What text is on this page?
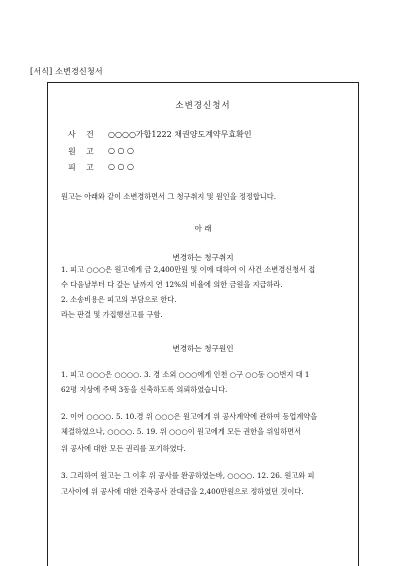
[서식] 소변경신청서
소변경신청서
사	건	○○○○가합1222 채권양도계약무효확인
원	고	○ ○ ○
피	고	○ ○ ○
원고는 아래와 같이 소변경하면서 그 청구취지 및 원인을 정정합니다.
아 래
변경하는 청구취지
1. 피고 ○○○은 원고에게 금 2,400만원 및 이에 대하여 이 사건 소변경신청서 접
수 다음날부터 다 갚는 날까지 연 12%의 비율에 의한 금원을 지급하라.
2. 소송비용은 피고의 부담으로 한다.
라는 판결 및 가집행선고를 구함.
변경하는 청구원인
1. 피고 ○○○은 ○○○○. 3. 경 소외 ○○○에게 인천 ○구 ○○동 ○○번지 대 1
62평 지상에 주택 3동을 신축하도록 의뢰하였습니다.
2. 이어 ○○○○. 5. 10.경 위 ○○○은 원고에게 위 공사계약에 관하여 동업계약을
체결하였으나, ○○○○. 5. 19. 위 ○○○이 원고에게 모든 권한을 위임하면서
위 공사에 대한 모든 권리를 포기하였다.
3. 그리하여 원고는 그 이후 위 공사를 완공하였는바, ○○○○. 12. 26. 원고와 피
고사이에 위 공사에 대한 건축공사 잔대금을 2,400만원으로 정하였던 것이다.
